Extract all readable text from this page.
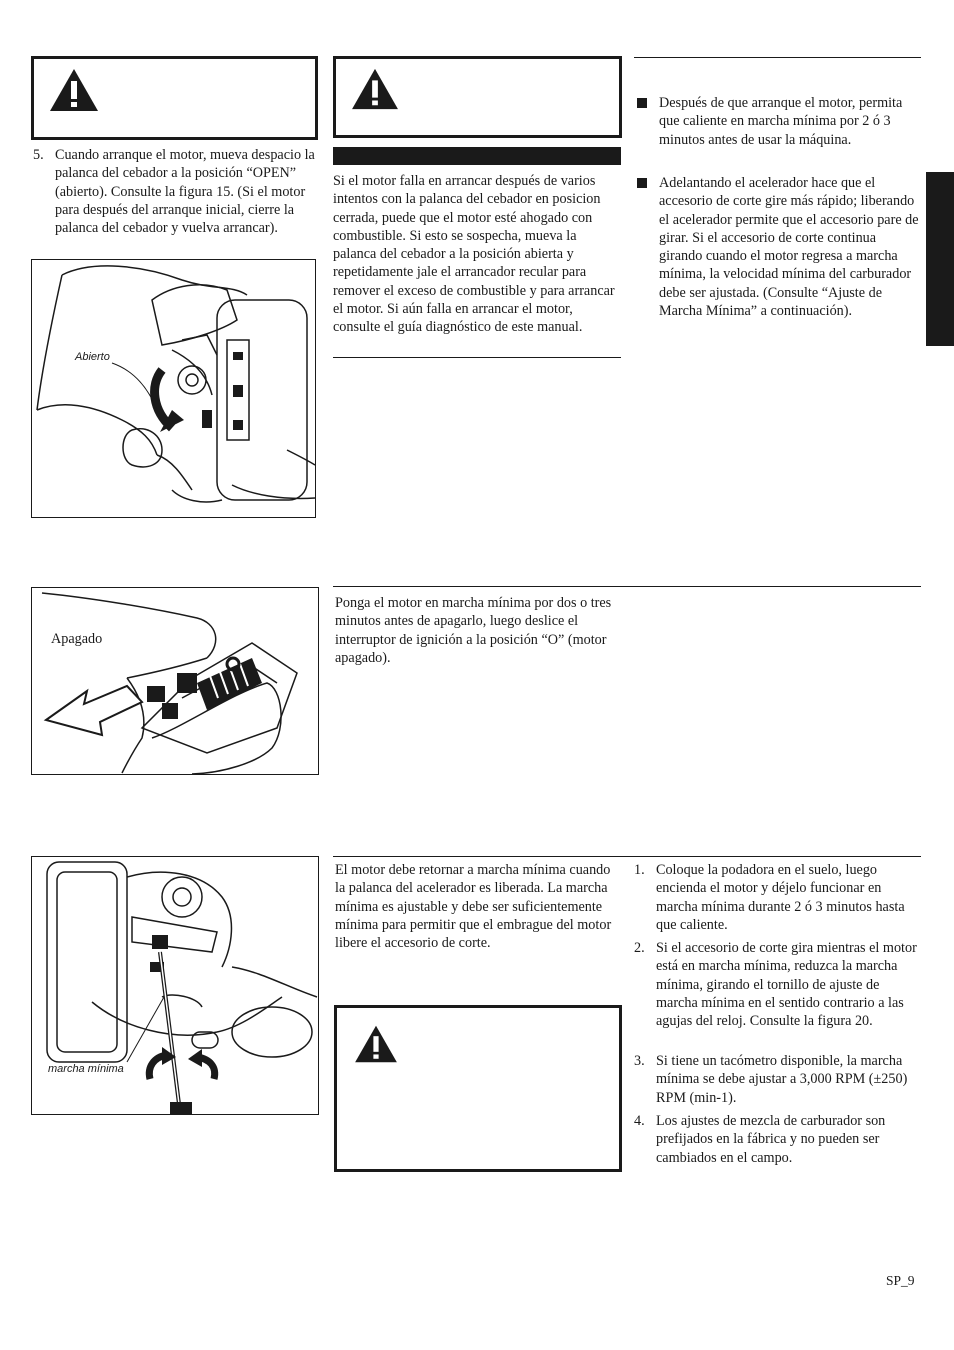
5. Cuando arranque el motor, mueva despacio la palanca del cebador a la posición “OPEN” (abierto). Consulte la figura 15. (Si el motor para después del arranque inicial, cierre la palanca del cebador y vuelva arrancar).
Abierto
Apagado
marcha mínima
Si el motor falla en arrancar después de varios intentos con la palanca del cebador en posicion cerrada, puede que el motor esté ahogado con combustible. Si esto se sospecha, mueva la palanca del cebador a la posición abierta y repetidamente jale el arrancador recular para remover el exceso de combustible y para arrancar el motor. Si aún falla en arrancar el motor, consulte el guía diagnóstico de este manual.
Ponga el motor en marcha mínima por dos o tres minutos antes de apagarlo, luego deslice el interruptor de ignición a la posición “O” (motor apagado).
El motor debe retornar a marcha mínima cuando la palanca del acelerador es liberada. La marcha mínima es ajustable y debe ser suficientemente mínima para permitir que el embrague del motor libere el accesorio de corte.
Después de que arranque el motor, permita que caliente en marcha mínima por 2 ó 3 minutos antes de usar la máquina.
Adelantando el acelerador hace que el accesorio de corte gire más rápido; liberando el acelerador permite que el accesorio pare de girar. Si el accesorio de corte continua girando cuando el motor regresa a marcha mínima, la velocidad mínima del carburador debe ser ajustada. (Consulte “Ajuste de Marcha Mínima” a continuación).
1. Coloque la podadora en el suelo, luego encienda el motor y déjelo funcionar en marcha mínima durante 2 ó 3 minutos hasta que caliente.
2. Si el accesorio de corte gira mientras el motor está en marcha mínima, reduzca la marcha mínima, girando el tornillo de ajuste de marcha mínima en el sentido contrario a las agujas del reloj. Consulte la figura 20.
3. Si tiene un tacómetro disponible, la marcha mínima se debe ajustar a 3,000 RPM (±250) RPM (min-1).
4. Los ajustes de mezcla de carburador son prefijados en la fábrica y no pueden ser cambiados en el campo.
SP_9
